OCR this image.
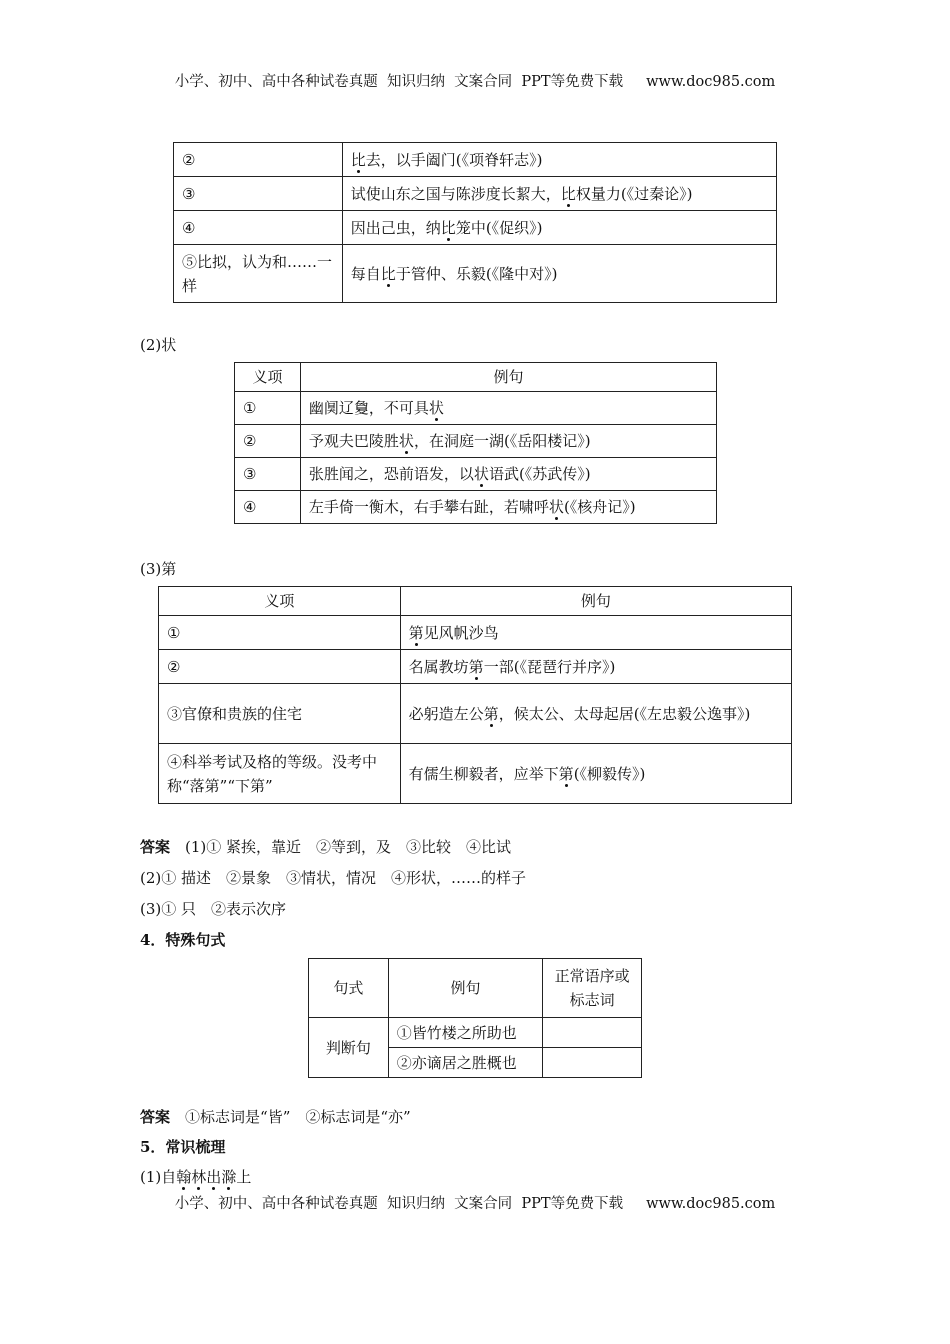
小学、初中、高中各种试卷真题  知识归纳  文案合同  PPT等免费下载     www.doc985.com
②	比去，以手阖门(《项脊轩志》)
③	试使山东之国与陈涉度长絜大，比权量力(《过秦论》)
④	因出己虫，纳比笼中(《促织》)
⑤比拟，认为和……一样	每自比于管仲、乐毅(《隆中对》)
(2)状
义项	例句
①	幽阒辽敻，不可具状
②	予观夫巴陵胜状，在洞庭一湖(《岳阳楼记》)
③	张胜闻之，恐前语发，以状语武(《苏武传》)
④	左手倚一衡木，右手攀右趾，若啸呼状(《核舟记》)
(3)第
义项	例句
①	第见风帆沙鸟
②	名属教坊第一部(《琵琶行并序》)
③官僚和贵族的住宅	必躬造左公第，候太公、太母起居(《左忠毅公逸事》)
④科举考试及格的等级。没考中称“落第”“下第”	有儒生柳毅者，应举下第(《柳毅传》)
答案　 (1)① 紧挨，靠近　②等到，及　③比较　④比试
(2)① 描述　②景象　③情状，情况　④形状，……的样子
(3)① 只　②表示次序
4．特殊句式
句式	例句	正常语序或标志词
判断句	①皆竹楼之所助也	
	②亦谪居之胜概也	
答案　 ①标志词是“皆”　②标志词是“亦”
5．常识梳理
(1)自翰林出滁上
小学、初中、高中各种试卷真题  知识归纳  文案合同  PPT等免费下载     www.doc985.com
